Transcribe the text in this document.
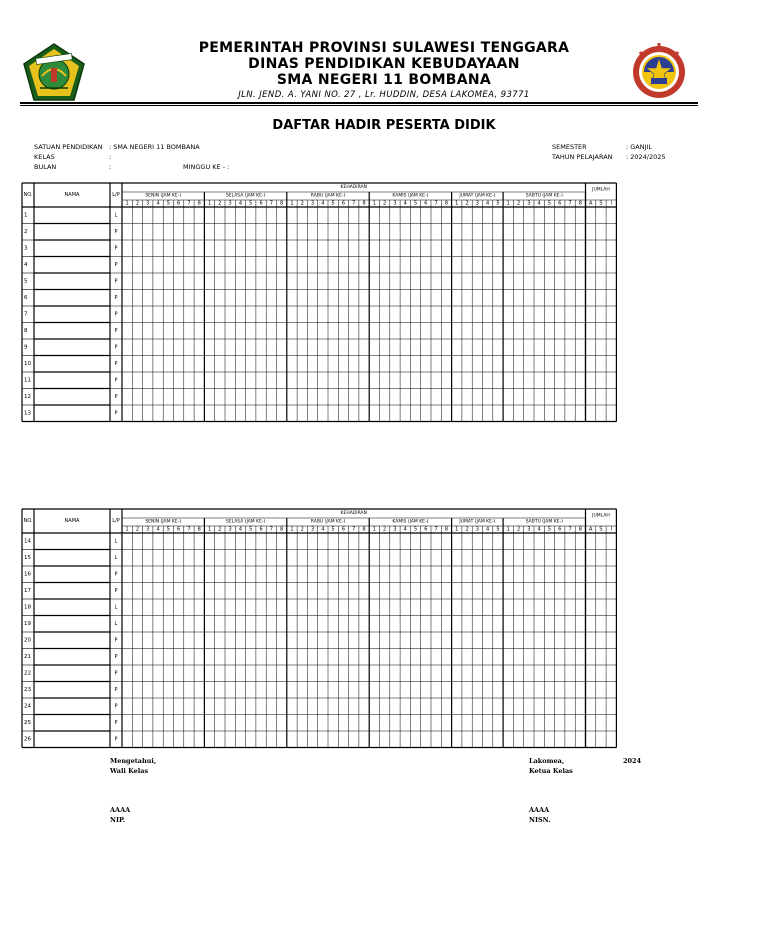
PEMERINTAH PROVINSI SULAWESI TENGGARA
DINAS PENDIDIKAN KEBUDAYAAN
SMA NEGERI 11 BOMBANA
JLN. JEND. A. YANI NO. 27 , Lr. HUDDIN, DESA LAKOMEA, 93771
DAFTAR HADIR PESERTA DIDIK
SATUAN PENDIDIKAN : SMA NEGERI 11 BOMBANA
KELAS	:
BULAN	:	MINGGU KE - :
SEMESTER	: GANJIL
TAHUN PELAJARAN : 2024/2025
NO.	NAMA	L/P
KEHADIRAN	JUMLAH
SENIN (JAM KE-)
1 2 3 4 5 6 7 8
SELASA (JAM KE-)
1 2 3 4 5 6 7 8
RABU (JAM KE-)
1 2 3 4 5 6 7 8
KAMIS (JAM KE-)
1 2 3 4 5 6 7 8
JUMAT (JAM KE-)
1 2 3 4 5
SABTU (JAM KE-)
1 2 3 4 5 6 7 8 A S I
1	L
2	P
3	P
4	P
5	P
6	P
7	P
8	P
9	P
10	P
11	P
12	P
13	P
NO.	NAMA	L/P
KEHADIRAN	JUMLAH
SENIN (JAM KE-)
1 2 3 4 5 6 7 8
SELASA (JAM KE-)
1 2 3 4 5 6 7 8
RABU (JAM KE-)
1 2 3 4 5 6 7 8
KAMIS (JAM KE-)
1 2 3 4 5 6 7 8
JUMAT (JAM KE-)
1 2 3 4 5
SABTU (JAM KE-)
1 2 3 4 5 6 7 8 A S I
14	L
15	L
16	P
17	P
18	L
19	L
20	P
21	P
22	P
23	P
24	P
25	P
26	P
Mengetahui,
Wali Kelas
AAAA
NIP.
Lakomea,	2024
Ketua Kelas
AAAA
NISN.
